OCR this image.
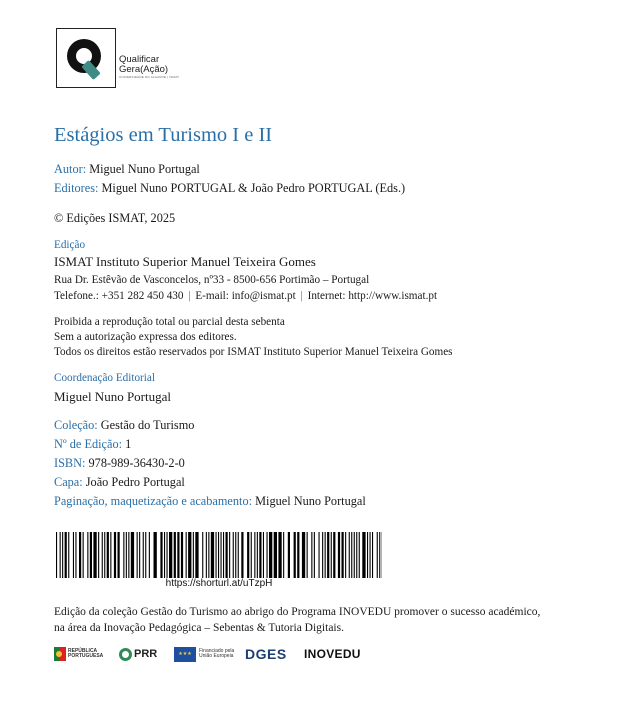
Qualificar
Gera(Ação)
UNIVERSIDADE DO ALGARVE | ISMAT
Estágios em Turismo I e II
Autor: Miguel Nuno Portugal
Editores: Miguel Nuno PORTUGAL & João Pedro PORTUGAL (Eds.)
© Edições ISMAT, 2025
Edição
ISMAT Instituto Superior Manuel Teixeira Gomes
Rua Dr. Estêvão de Vasconcelos, nº33 - 8500-656 Portimão – Portugal
Telefone.: +351 282 450 430 | E-mail: info@ismat.pt | Internet: http://www.ismat.pt
Proibida a reprodução total ou parcial desta sebenta
Sem a autorização expressa dos editores.
Todos os direitos estão reservados por ISMAT Instituto Superior Manuel Teixeira Gomes
Coordenação Editorial
Miguel Nuno Portugal
Coleção: Gestão do Turismo
Nº de Edição: 1
ISBN: 978-989-36430-2-0
Capa: João Pedro Portugal
Paginação, maquetização e acabamento: Miguel Nuno Portugal
https://shorturl.at/uTzpH
Edição da coleção Gestão do Turismo ao abrigo do Programa INOVEDU promover o sucesso académico,
na área da Inovação Pedagógica – Sebentas & Tutoria Digitais.
REPÚBLICA
PORTUGUESA	PRR	★★★	Financiado pela
União Europeia DGES INOVEDU
